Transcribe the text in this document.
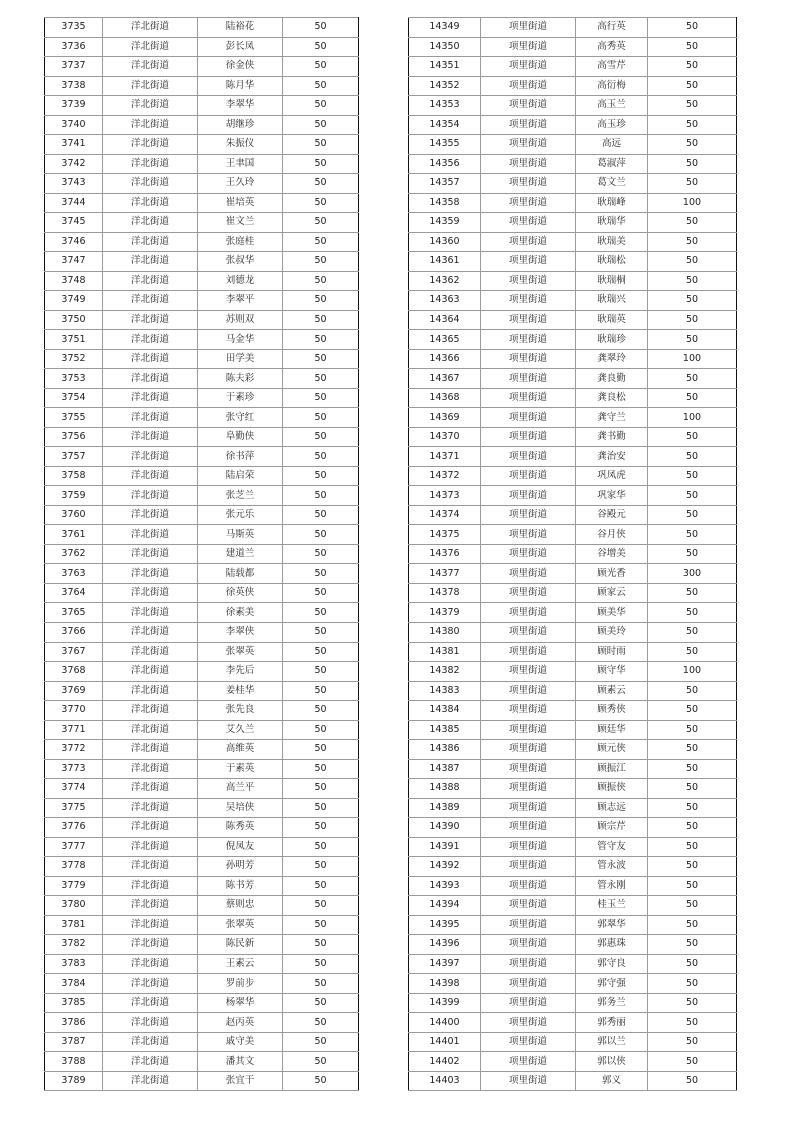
3735	洋北街道	陆裕花	50
3736	洋北街道	彭长凤	50
3737	洋北街道	徐金侠	50
3738	洋北街道	陈月华	50
3739	洋北街道	李翠华	50
3740	洋北街道	胡继珍	50
3741	洋北街道	朱振仪	50
3742	洋北街道	王聿国	50
3743	洋北街道	王久玲	50
3744	洋北街道	崔培英	50
3745	洋北街道	崔文兰	50
3746	洋北街道	张庭桂	50
3747	洋北街道	张叔华	50
3748	洋北街道	刘德龙	50
3749	洋北街道	李翠平	50
3750	洋北街道	苏则双	50
3751	洋北街道	马金华	50
3752	洋北街道	田学美	50
3753	洋北街道	陈夫彩	50
3754	洋北街道	于素珍	50
3755	洋北街道	张守红	50
3756	洋北街道	阜勤侠	50
3757	洋北街道	徐书萍	50
3758	洋北街道	陆启荣	50
3759	洋北街道	张芝兰	50
3760	洋北街道	张元乐	50
3761	洋北街道	马斯英	50
3762	洋北街道	建道兰	50
3763	洋北街道	陆载都	50
3764	洋北街道	徐英侠	50
3765	洋北街道	徐素美	50
3766	洋北街道	李翠侠	50
3767	洋北街道	张翠英	50
3768	洋北街道	李先后	50
3769	洋北街道	姜桂华	50
3770	洋北街道	张先良	50
3771	洋北街道	艾久兰	50
3772	洋北街道	高维英	50
3773	洋北街道	于素英	50
3774	洋北街道	高兰平	50
3775	洋北街道	吴培侠	50
3776	洋北街道	陈秀英	50
3777	洋北街道	倪凤友	50
3778	洋北街道	孙明芳	50
3779	洋北街道	陈书芳	50
3780	洋北街道	蔡则忠	50
3781	洋北街道	张翠英	50
3782	洋北街道	陈民新	50
3783	洋北街道	王素云	50
3784	洋北街道	罗前步	50
3785	洋北街道	杨翠华	50
3786	洋北街道	赵丙英	50
3787	洋北街道	戚守美	50
3788	洋北街道	潘其文	50
3789	洋北街道	张宜干	50
14349	项里街道	高行英	50
14350	项里街道	高秀英	50
14351	项里街道	高雪芹	50
14352	项里街道	高衍梅	50
14353	项里街道	高玉兰	50
14354	项里街道	高玉珍	50
14355	项里街道	高远	50
14356	项里街道	葛淑萍	50
14357	项里街道	葛文兰	50
14358	项里街道	耿瑞峰	100
14359	项里街道	耿瑞华	50
14360	项里街道	耿瑞美	50
14361	项里街道	耿瑞松	50
14362	项里街道	耿瑞桐	50
14363	项里街道	耿瑞兴	50
14364	项里街道	耿瑞英	50
14365	项里街道	耿瑞珍	50
14366	项里街道	龚翠玲	100
14367	项里街道	龚良勤	50
14368	项里街道	龚良松	50
14369	项里街道	龚守兰	100
14370	项里街道	龚书勤	50
14371	项里街道	龚治安	50
14372	项里街道	巩凤虎	50
14373	项里街道	巩家华	50
14374	项里街道	谷殿元	50
14375	项里街道	谷月侠	50
14376	项里街道	谷增美	50
14377	项里街道	顾光香	300
14378	项里街道	顾家云	50
14379	项里街道	顾美华	50
14380	项里街道	顾美玲	50
14381	项里街道	顾时雨	50
14382	项里街道	顾守华	100
14383	项里街道	顾素云	50
14384	项里街道	顾秀侠	50
14385	项里街道	顾廷华	50
14386	项里街道	顾元侠	50
14387	项里街道	顾振江	50
14388	项里街道	顾振侠	50
14389	项里街道	顾志远	50
14390	项里街道	顾宗芹	50
14391	项里街道	管守友	50
14392	项里街道	管永波	50
14393	项里街道	管永刚	50
14394	项里街道	桂玉兰	50
14395	项里街道	郭翠华	50
14396	项里街道	郭惠珠	50
14397	项里街道	郭守良	50
14398	项里街道	郭守强	50
14399	项里街道	郭务兰	50
14400	项里街道	郭秀丽	50
14401	项里街道	郭以兰	50
14402	项里街道	郭以侠	50
14403	项里街道	郭义	50
